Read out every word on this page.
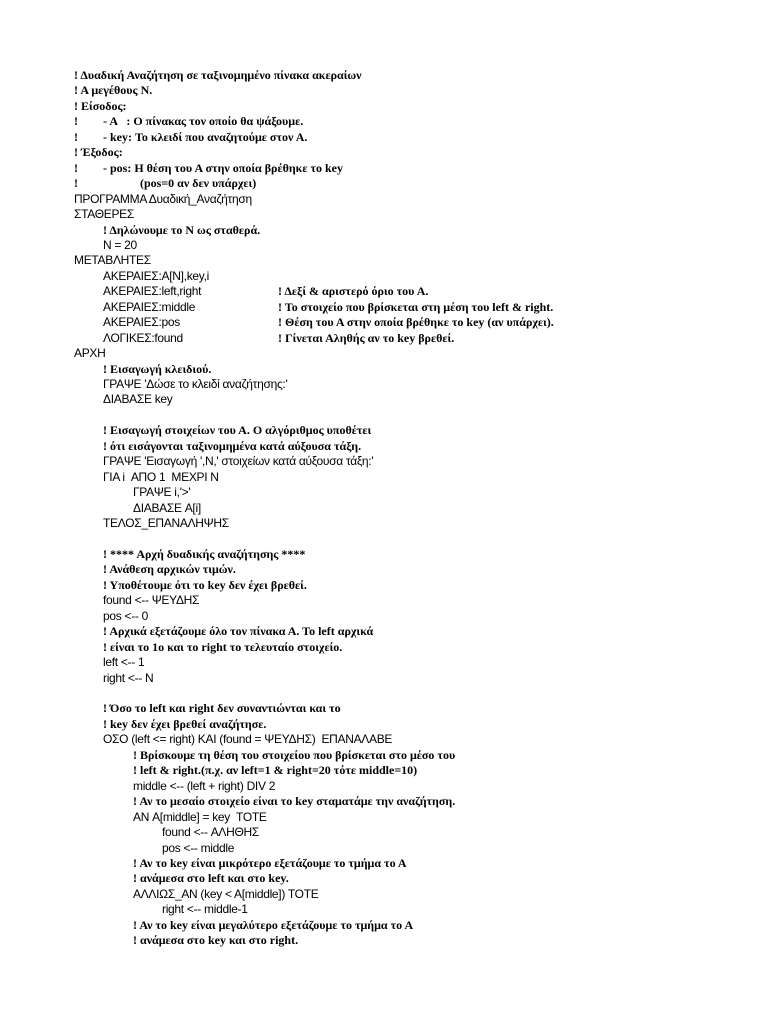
! Δυαδική Αναζήτηση σε ταξινομημένο πίνακα ακεραίων
! Α μεγέθους Ν.
! Είσοδος:
! - A   : Ο πίνακας τον οποίο θα ψάξουμε.
! - key: Το κλειδί που αναζητούμε στον Α.
! Έξοδος:
! - pos: Η θέση του Α στην οποία βρέθηκε το key
!	(pos=0 αν δεν υπάρχει)
ΠΡΟΓΡΑΜΜΑ Δυαδική_Αναζήτηση
ΣΤΑΘΕΡΕΣ
! Δηλώνουμε το Ν ως σταθερά.
N = 20
ΜΕΤΑΒΛΗΤΕΣ
ΑΚΕΡΑΙΕΣ:A[N],key,i
ΑΚΕΡΑΙΕΣ:left,right	! Δεξί & αριστερό όριο του Α.
ΑΚΕΡΑΙΕΣ:middle	! Το στοιχείο που βρίσκεται στη μέση του left & right.
ΑΚΕΡΑΙΕΣ:pos	! Θέση του Α στην οποία βρέθηκε το key (αν υπάρχει).
ΛΟΓΙΚΕΣ:found	! Γίνεται Αληθής αν το key βρεθεί.
ΑΡΧΗ
! Εισαγωγή κλειδιού.
ΓΡΑΨΕ 'Δώσε το κλειδί αναζήτησης:'
ΔΙΑΒΑΣΕ key
! Εισαγωγή στοιχείων του Α. Ο αλγόριθμος υποθέτει
! ότι εισάγονται ταξινομημένα κατά αύξουσα τάξη.
ΓΡΑΨΕ 'Εισαγωγή ',N,' στοιχείων κατά αύξουσα τάξη:'
ΓΙΑ i  ΑΠΟ 1  ΜΕΧΡΙ N
ΓΡΑΨΕ i,'>'
ΔΙΑΒΑΣΕ A[i]
ΤΕΛΟΣ_ΕΠΑΝΑΛΗΨΗΣ
! **** Αρχή δυαδικής αναζήτησης ****
! Ανάθεση αρχικών τιμών.
! Υποθέτουμε ότι το key δεν έχει βρεθεί.
found <-- ΨΕΥΔΗΣ
pos <-- 0
! Αρχικά εξετάζουμε όλο τον πίνακα Α. Το left αρχικά
! είναι το 1ο και το right το τελευταίο στοιχείο.
left <-- 1
right <-- N
! Όσο το left και right δεν συναντιώνται και το
! key δεν έχει βρεθεί αναζήτησε.
ΟΣΟ (left <= right) ΚΑΙ (found = ΨΕΥΔΗΣ)  ΕΠΑΝΑΛΑΒΕ
! Βρίσκουμε τη θέση του στοιχείου που βρίσκεται στο μέσο του
! left & right.(π.χ. αν left=1 & right=20 τότε middle=10)
middle <-- (left + right) DIV 2
! Αν το μεσαίο στοιχείο είναι το key σταματάμε την αναζήτηση.
ΑΝ A[middle] = key  ΤΟΤΕ
found <-- ΑΛΗΘΗΣ
pos <-- middle
! Αν το key είναι μικρότερο εξετάζουμε το τμήμα το Α
! ανάμεσα στο left και στο key.
ΑΛΛΙΩΣ_ΑΝ (key < A[middle]) ΤΟΤΕ
right <-- middle-1
! Αν το key είναι μεγαλύτερο εξετάζουμε το τμήμα το Α
! ανάμεσα στο key και στο right.
